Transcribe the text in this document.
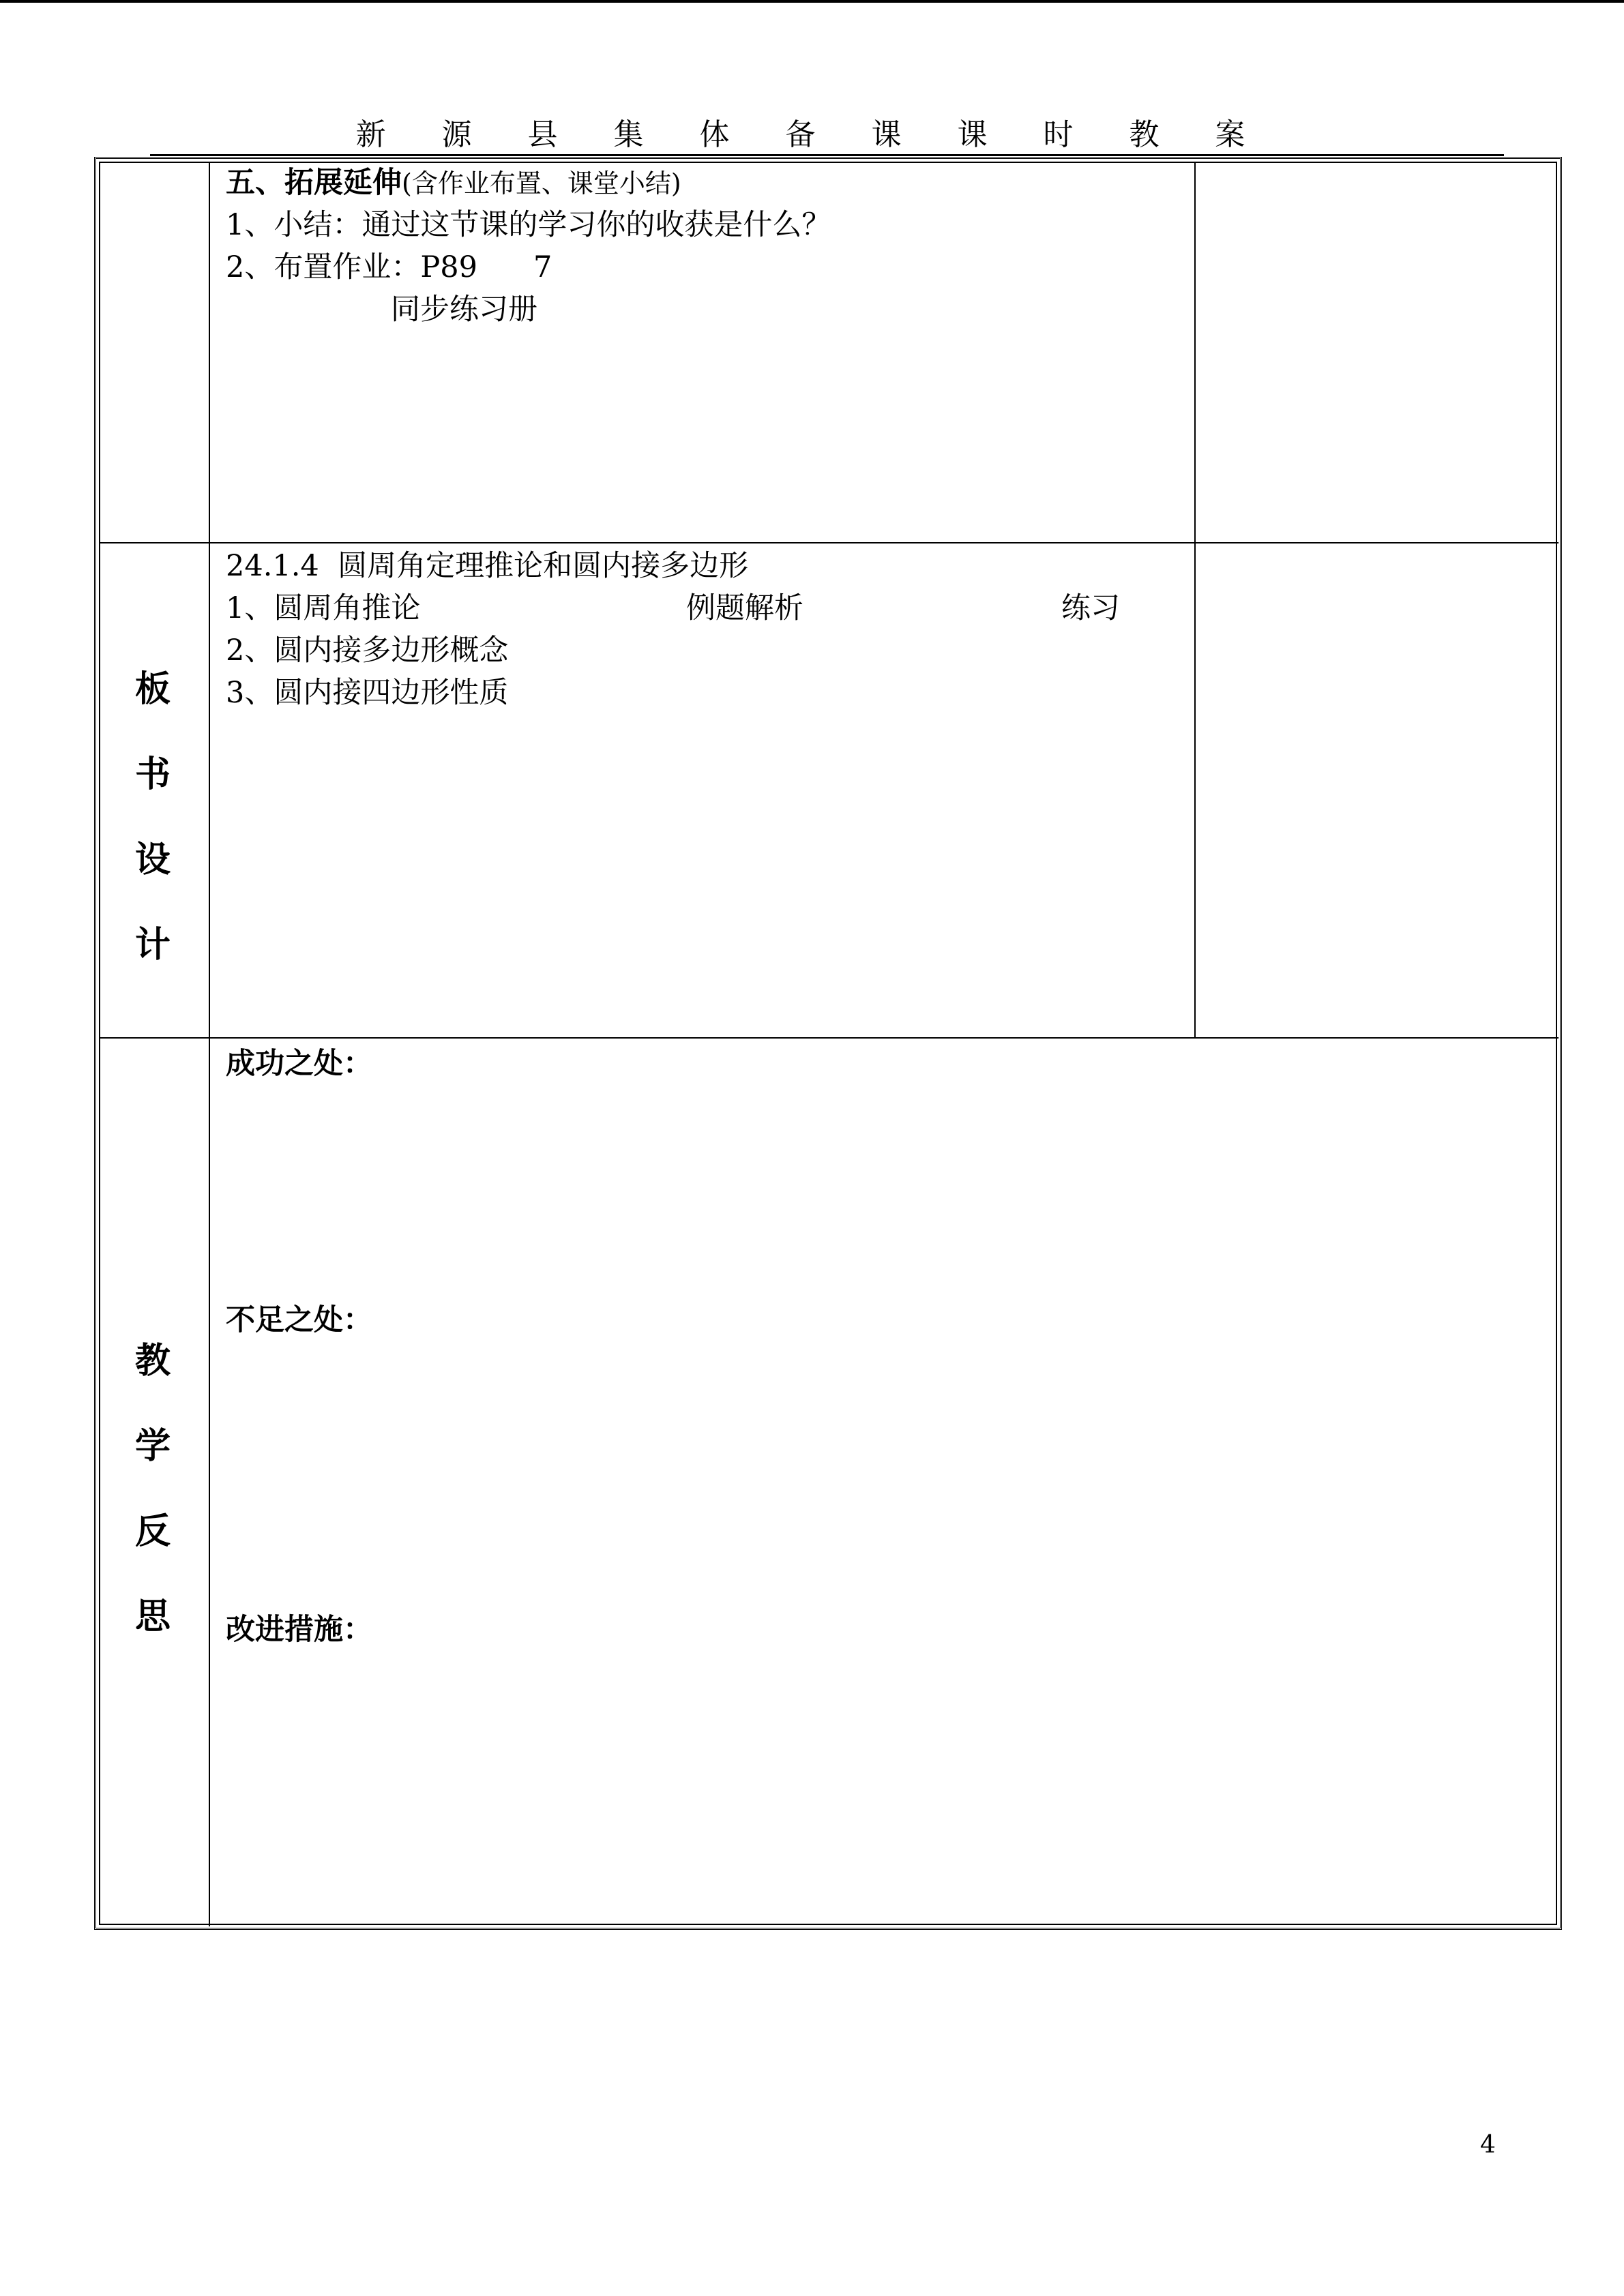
新 源 县 集 体 备 课 课 时 教 案
五、拓展延伸(含作业布置、课堂小结)
1、小结：通过这节课的学习你的收获是什么？
2、布置作业：P89      7
同步练习册
板
书
设
计
24.1.4  圆周角定理推论和圆内接多边形
1、圆周角推论	例题解析	练习
2、圆内接多边形概念
3、圆内接四边形性质
教
学
反
思
成功之处：
不足之处：
改进措施：
4
